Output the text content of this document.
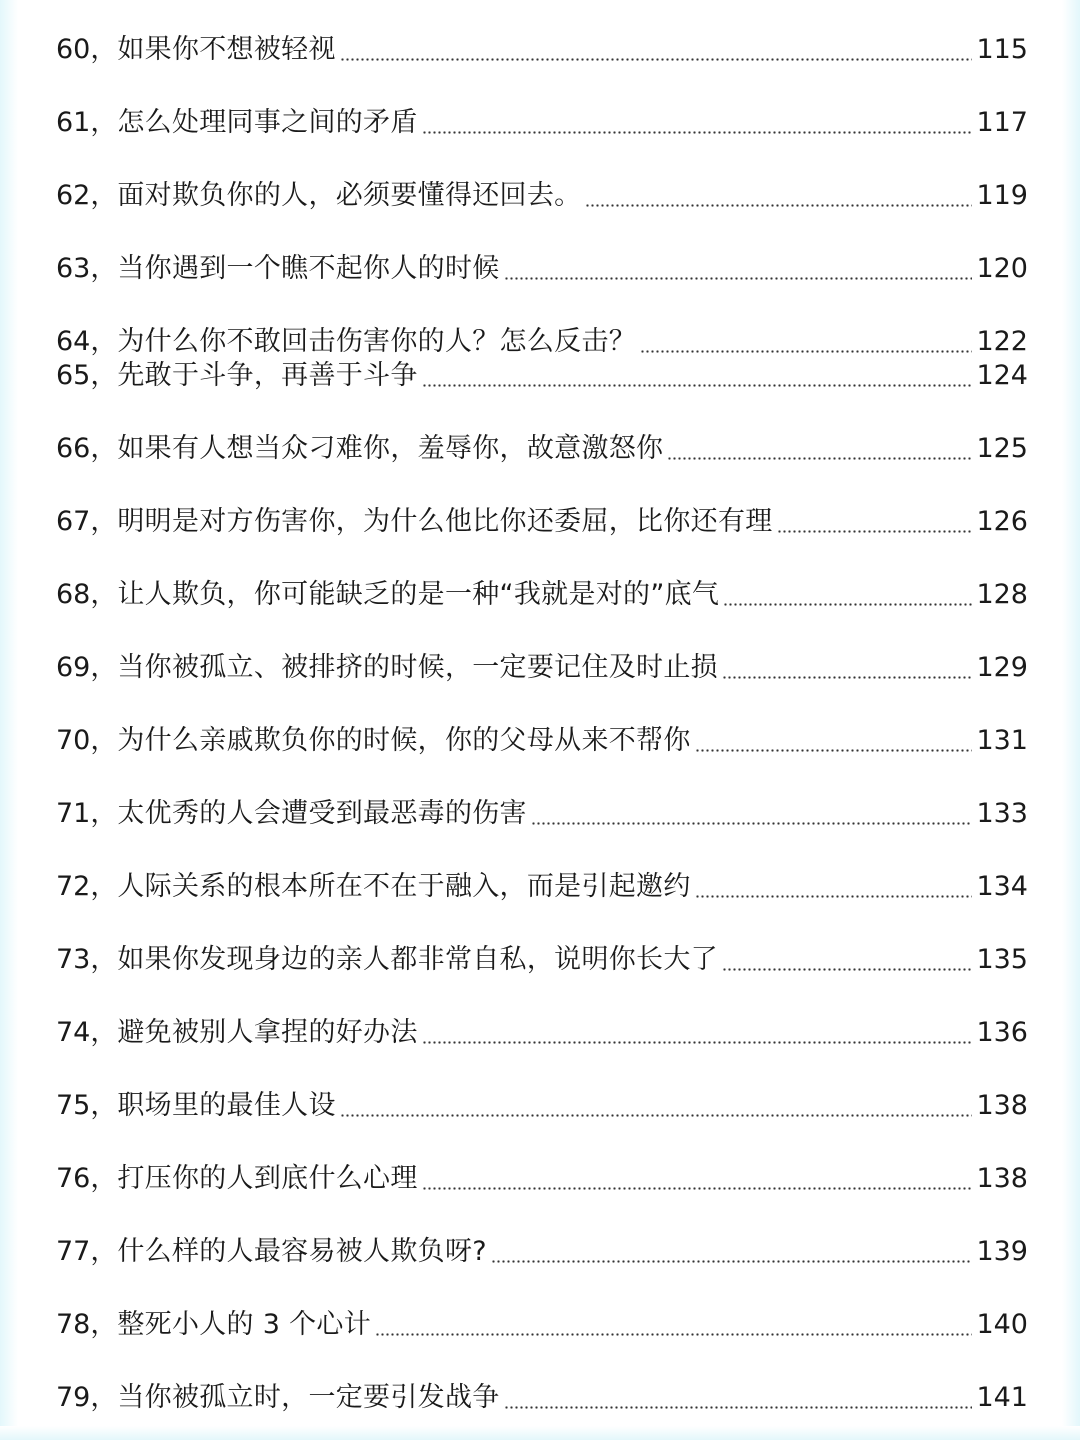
60， 如果你不想被轻视	115
61， 怎么处理同事之间的矛盾	117
62， 面对欺负你的人，必须要懂得还回去。	119
63， 当你遇到一个瞧不起你人的时候	120
64， 为什么你不敢回击伤害你的人？怎么反击？	122
65， 先敢于斗争，再善于斗争	124
66， 如果有人想当众刁难你，羞辱你，故意激怒你	125
67， 明明是对方伤害你，为什么他比你还委屈，比你还有理	126
68， 让人欺负，你可能缺乏的是一种“我就是对的”底气	128
69， 当你被孤立、被排挤的时候，一定要记住及时止损	129
70， 为什么亲戚欺负你的时候，你的父母从来不帮你	131
71， 太优秀的人会遭受到最恶毒的伤害	133
72， 人际关系的根本所在不在于融入，而是引起邀约	134
73， 如果你发现身边的亲人都非常自私，说明你长大了	135
74， 避免被别人拿捏的好办法	136
75， 职场里的最佳人设	138
76， 打压你的人到底什么心理	138
77， 什么样的人最容易被人欺负呀?	139
78， 整死小人的 3 个心计	140
79， 当你被孤立时，一定要引发战争	141
